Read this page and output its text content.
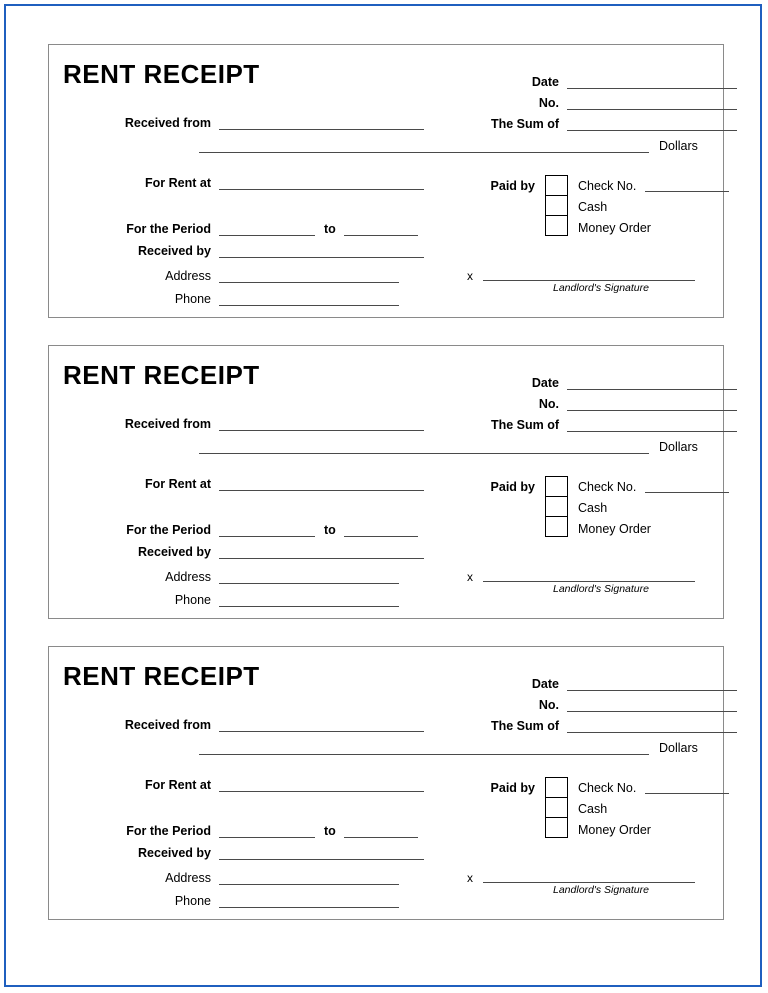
RENT RECEIPT
Received from
For Rent at
For the Period	to
Received by
Address
Phone
Date
No.
The Sum of
Dollars
Paid by	Check No.
Cash
Money Order
x
Landlord's Signature
RENT RECEIPT
Received from
For Rent at
For the Period	to
Received by
Address
Phone
Date
No.
The Sum of
Dollars
Paid by	Check No.
Cash
Money Order
x
Landlord's Signature
RENT RECEIPT
Received from
For Rent at
For the Period	to
Received by
Address
Phone
Date
No.
The Sum of
Dollars
Paid by	Check No.
Cash
Money Order
x
Landlord's Signature
